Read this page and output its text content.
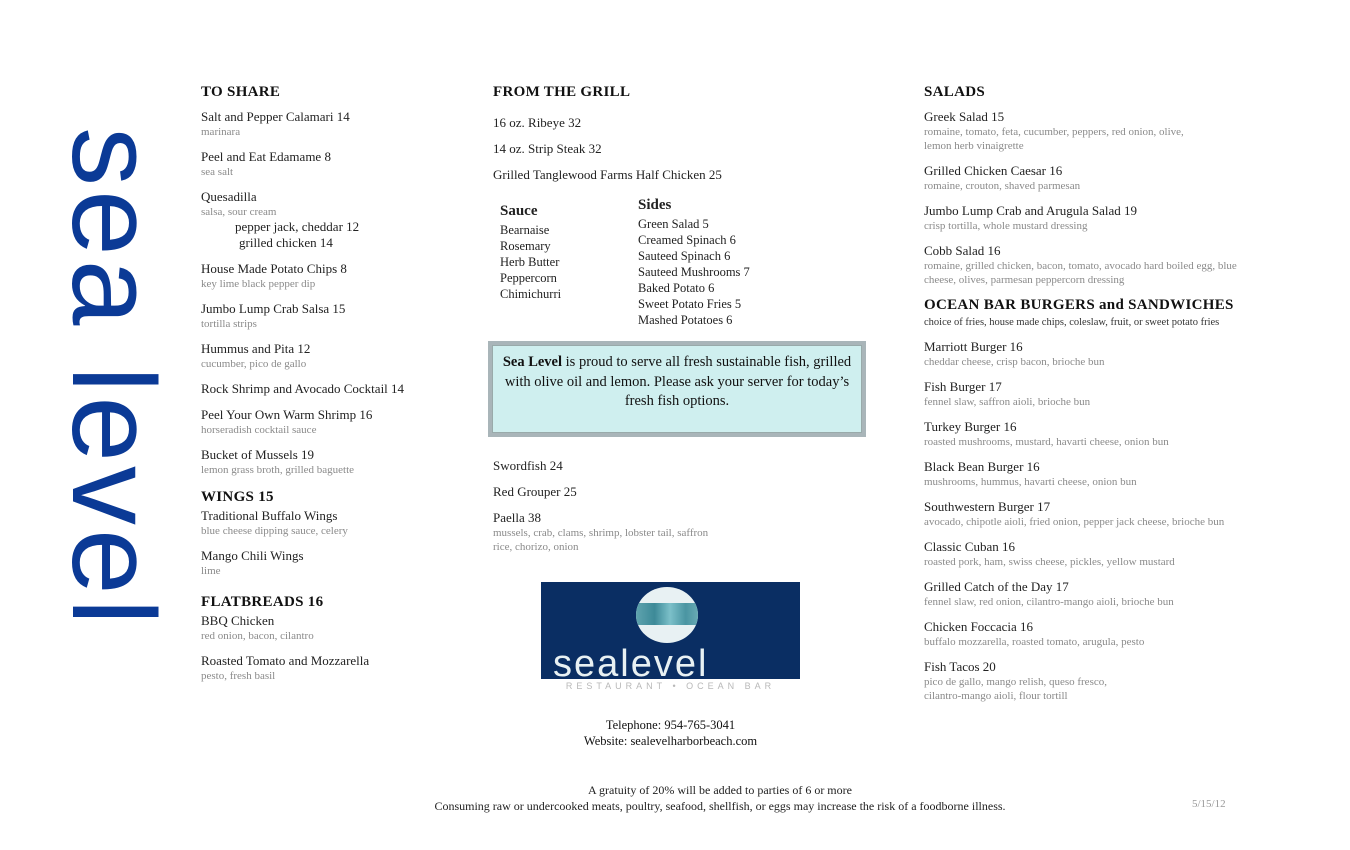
sea level
TO SHARE
Salt and Pepper Calamari 14
marinara
Peel and Eat Edamame 8
sea salt
Quesadilla
salsa, sour cream
pepper jack, cheddar 12
grilled chicken 14
House Made Potato Chips 8
key lime black pepper dip
Jumbo Lump Crab Salsa 15
tortilla strips
Hummus and Pita 12
cucumber, pico de gallo
Rock Shrimp and Avocado Cocktail 14
Peel Your Own Warm Shrimp 16
horseradish cocktail sauce
Bucket of Mussels 19
lemon grass broth, grilled baguette
WINGS 15
Traditional Buffalo Wings
blue cheese dipping sauce, celery
Mango Chili Wings
lime
FLATBREADS 16
BBQ Chicken
red onion, bacon, cilantro
Roasted Tomato and Mozzarella
pesto, fresh basil
FROM THE GRILL
16 oz. Ribeye 32
14 oz. Strip Steak 32
Grilled Tanglewood Farms Half Chicken 25
Sauce
Bearnaise
Rosemary
Herb Butter
Peppercorn
Chimichurri
Sides
Green Salad 5
Creamed Spinach 6
Sauteed Spinach 6
Sauteed Mushrooms 7
Baked Potato 6
Sweet Potato Fries 5
Mashed Potatoes 6
Sea Level is proud to serve all fresh sustainable fish, grilled with olive oil and lemon. Please ask your server for today’s fresh fish options.
Swordfish 24
Red Grouper 25
Paella 38
mussels, crab, clams, shrimp, lobster tail, saffron rice, chorizo, onion
sealevel
RESTAURANT • OCEAN BAR
Telephone: 954-765-3041
Website: sealevelharborbeach.com
SALADS
Greek Salad 15
romaine, tomato, feta, cucumber, peppers, red onion, olive, lemon herb vinaigrette
Grilled Chicken Caesar 16
romaine, crouton, shaved parmesan
Jumbo Lump Crab and Arugula Salad 19
crisp tortilla, whole mustard dressing
Cobb Salad 16
romaine, grilled chicken, bacon, tomato, avocado hard boiled egg, blue cheese, olives, parmesan peppercorn dressing
OCEAN BAR BURGERS and SANDWICHES
choice of fries, house made chips, coleslaw, fruit, or sweet potato fries
Marriott Burger 16
cheddar cheese, crisp bacon, brioche bun
Fish Burger 17
fennel slaw, saffron aioli, brioche bun
Turkey Burger 16
roasted mushrooms, mustard, havarti cheese, onion bun
Black Bean Burger 16
mushrooms, hummus, havarti cheese, onion bun
Southwestern Burger 17
avocado, chipotle aioli, fried onion, pepper jack cheese, brioche bun
Classic Cuban 16
roasted pork, ham, swiss cheese, pickles, yellow mustard
Grilled Catch of the Day 17
fennel slaw, red onion, cilantro-mango aioli, brioche bun
Chicken Foccacia 16
buffalo mozzarella, roasted tomato, arugula, pesto
Fish Tacos 20
pico de gallo, mango relish, queso fresco, cilantro-mango aioli, flour tortill
A gratuity of 20% will be added to parties of 6 or more
Consuming raw or undercooked meats, poultry, seafood, shellfish, or eggs may increase the risk of a foodborne illness.	5/15/12
